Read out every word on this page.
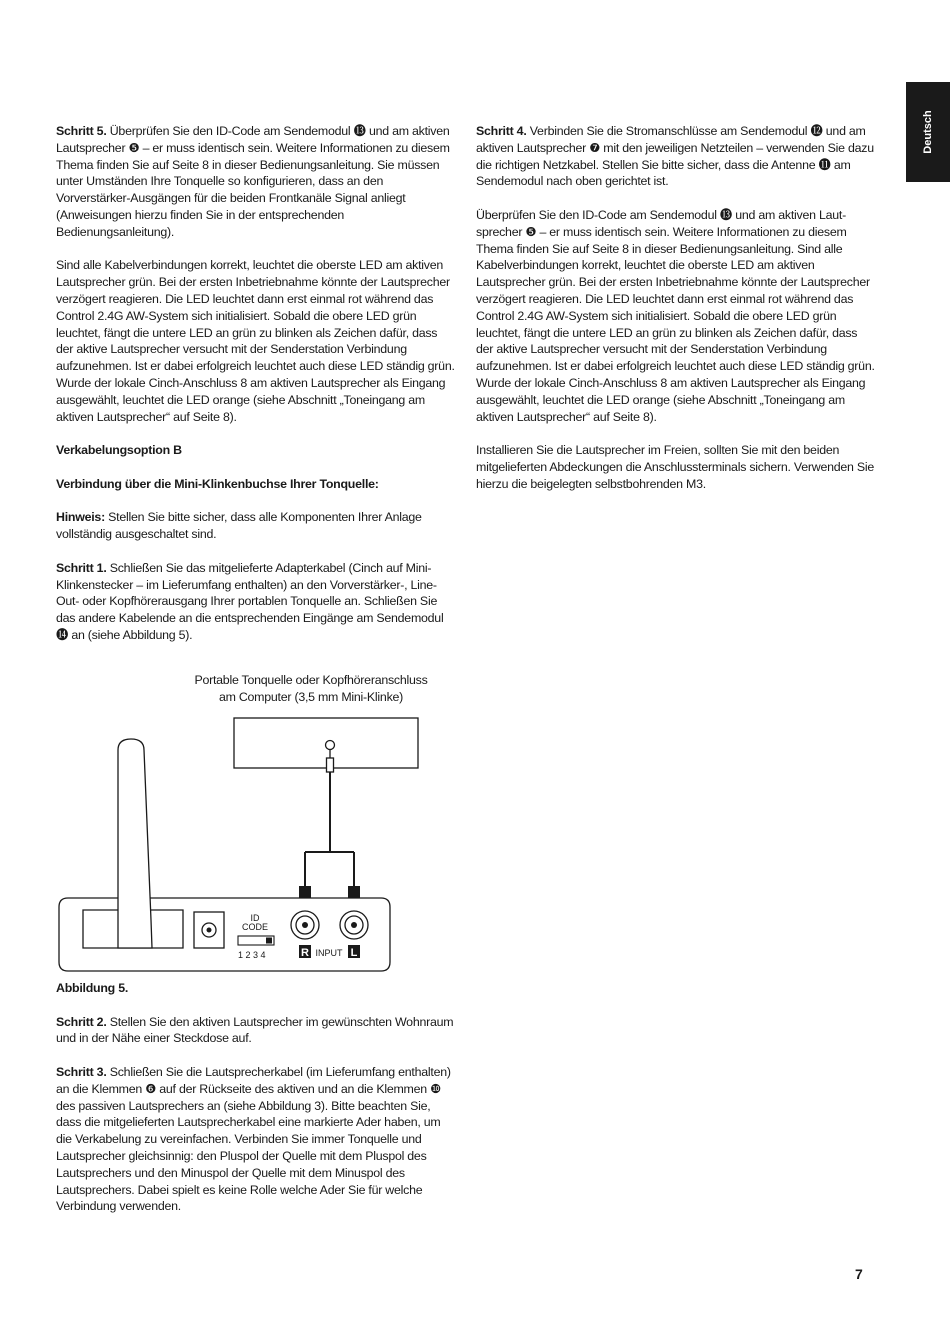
Deutsch

Schritt 5. Überprüfen Sie den ID-Code am Sendemodul ⓭ und am aktiven Lautsprecher ❺ – er muss identisch sein. Weitere Informationen zu diesem Thema finden Sie auf Seite 8 in dieser Bedienungsanleitung. Sie müssen unter Umständen Ihre Tonquelle so konfigurieren, dass an den Vorverstärker-Ausgängen für die beiden Frontkanäle Signal anliegt (Anweisungen hierzu finden Sie in der entsprechenden Bedienungsanleitung).

Sind alle Kabelverbindungen korrekt, leuchtet die oberste LED am aktiven Lautsprecher grün. Bei der ersten Inbetriebnahme könnte der Lautsprecher verzögert reagieren. Die LED leuchtet dann erst einmal rot während das Control 2.4G AW-System sich initialisiert. Sobald die obere LED grün leuchtet, fängt die untere LED an grün zu blinken als Zeichen dafür, dass der aktive Lautsprecher versucht mit der Senderstation Verbindung aufzunehmen. Ist er dabei erfolgreich leuchtet auch diese LED ständig grün. Wurde der lokale Cinch-Anschluss 8 am aktiven Lautsprecher als Eingang ausgewählt, leuchtet die LED orange (siehe Abschnitt „Toneingang am aktiven Lautsprecher“ auf Seite 8).

Verkabelungsoption B

Verbindung über die Mini-Klinkenbuchse Ihrer Tonquelle:

Hinweis: Stellen Sie bitte sicher, dass alle Komponenten Ihrer Anlage vollständig ausgeschaltet sind.

Schritt 1. Schließen Sie das mitgelieferte Adapterkabel (Cinch auf Mini-Klinkenstecker – im Lieferumfang enthalten) an den Vorverstärker-, Line-Out- oder Kopfhörerausgang Ihrer portablen Tonquelle an. Schließen Sie das andere Kabelende an die entsprechenden Eingänge am Sendemodul ⓮ an (siehe Abbildung 5).

Portable Tonquelle oder Kopfhöreranschluss
am Computer (3,5 mm Mini-Klinke)
ID
CODE
1 2 3 4	R INPUT L

Abbildung 5.

Schritt 2. Stellen Sie den aktiven Lautsprecher im gewünschten Wohnraum und in der Nähe einer Steckdose auf.

Schritt 3. Schließen Sie die Lautsprecherkabel (im Lieferumfang enthalten) an die Klemmen ❻ auf der Rückseite des aktiven und an die Klemmen ❿ des passiven Lautsprechers an (siehe Abbildung 3). Bitte beachten Sie, dass die mitgelieferten Lautsprecherkabel eine markierte Ader haben, um die Verkabelung zu vereinfachen. Verbinden Sie immer Tonquelle und Lautsprecher gleichsinnig: den Pluspol der Quelle mit dem Pluspol des Lautsprechers und den Minuspol der Quelle mit dem Minuspol des Lautsprechers. Dabei spielt es keine Rolle welche Ader Sie für welche Verbindung verwenden.

Schritt 4. Verbinden Sie die Stromanschlüsse am Sendemodul ⓬ und am aktiven Lautsprecher ❼ mit den jeweiligen Netzteilen – verwenden Sie dazu die richtigen Netzkabel. Stellen Sie bitte sicher, dass die Antenne ⓫ am Sendemodul nach oben gerichtet ist.

Überprüfen Sie den ID-Code am Sendemodul ⓭ und am aktiven Lautsprecher ❺ – er muss identisch sein. Weitere Informationen zu diesem Thema finden Sie auf Seite 8 in dieser Bedienungsanleitung. Sind alle Kabelverbindungen korrekt, leuchtet die oberste LED am aktiven Lautsprecher grün. Bei der ersten Inbetriebnahme könnte der Lautsprecher verzögert reagieren. Die LED leuchtet dann erst einmal rot während das Control 2.4G AW-System sich initialisiert. Sobald die obere LED grün leuchtet, fängt die untere LED an grün zu blinken als Zeichen dafür, dass der aktive Lautsprecher versucht mit der Senderstation Verbindung aufzunehmen. Ist er dabei erfolgreich leuchtet auch diese LED ständig grün. Wurde der lokale Cinch-Anschluss 8 am aktiven Lautsprecher als Eingang ausgewählt, leuchtet die LED orange (siehe Abschnitt „Toneingang am aktiven Lautsprecher“ auf Seite 8).

Installieren Sie die Lautsprecher im Freien, sollten Sie mit den beiden mitgelieferten Abdeckungen die Anschlussterminals sichern. Verwenden Sie hierzu die beigelegten selbstbohrenden M3.

7
